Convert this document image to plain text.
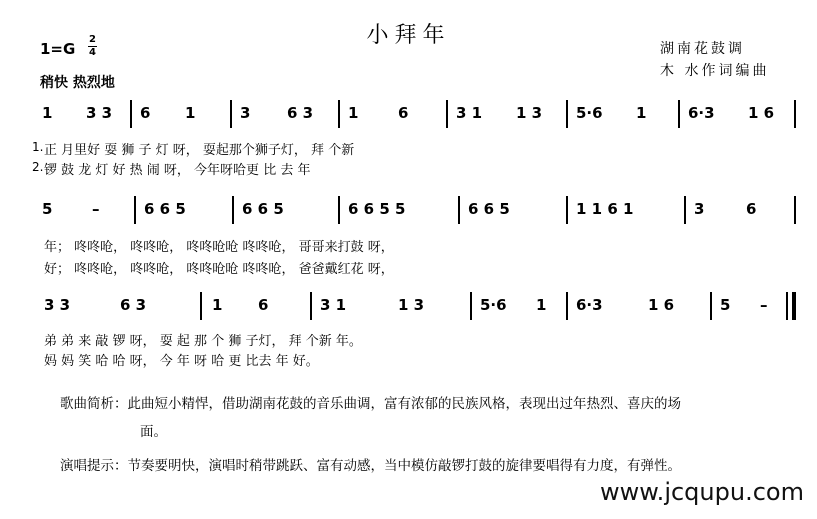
小拜年
湖南花鼓调
木 水作词编曲
1=G
2
4
稍快 热烈地
1 3 3 6 1	3 6 3 1	6	3 1 1 3 5·6 1	6·3 1 6
1.
2.
正 月里好 耍 狮 子 灯 呀， 耍起那个狮子灯， 拜 个新
锣 鼓 龙 灯 好 热 闹 呀， 今年呀哈更 比 去 年
5	–	6 6 5	6 6 5	6 6 5 5	6 6 5	1 1 6 1	3	6
年； 咚咚呛， 咚咚呛， 咚咚呛呛 咚咚呛， 哥哥来打鼓 呀，
好； 咚咚呛， 咚咚呛， 咚咚呛呛 咚咚呛， 爸爸戴红花 呀，
3 3	6 3	1 6	3 1	1 3	5·6 1 6·3	1 6	5 –
弟 弟 来 敲 锣 呀， 耍 起 那 个 狮 子灯， 拜 个新 年。
妈 妈 笑 哈 哈 呀， 今 年 呀 哈 更 比去 年 好。
歌曲简析：此曲短小精悍，借助湖南花鼓的音乐曲调，富有浓郁的民族风格，表现出过年热烈、喜庆的场
面。
演唱提示：节奏要明快，演唱时稍带跳跃、富有动感，当中模仿敲锣打鼓的旋律要唱得有力度，有弹性。
www.jcqupu.com
